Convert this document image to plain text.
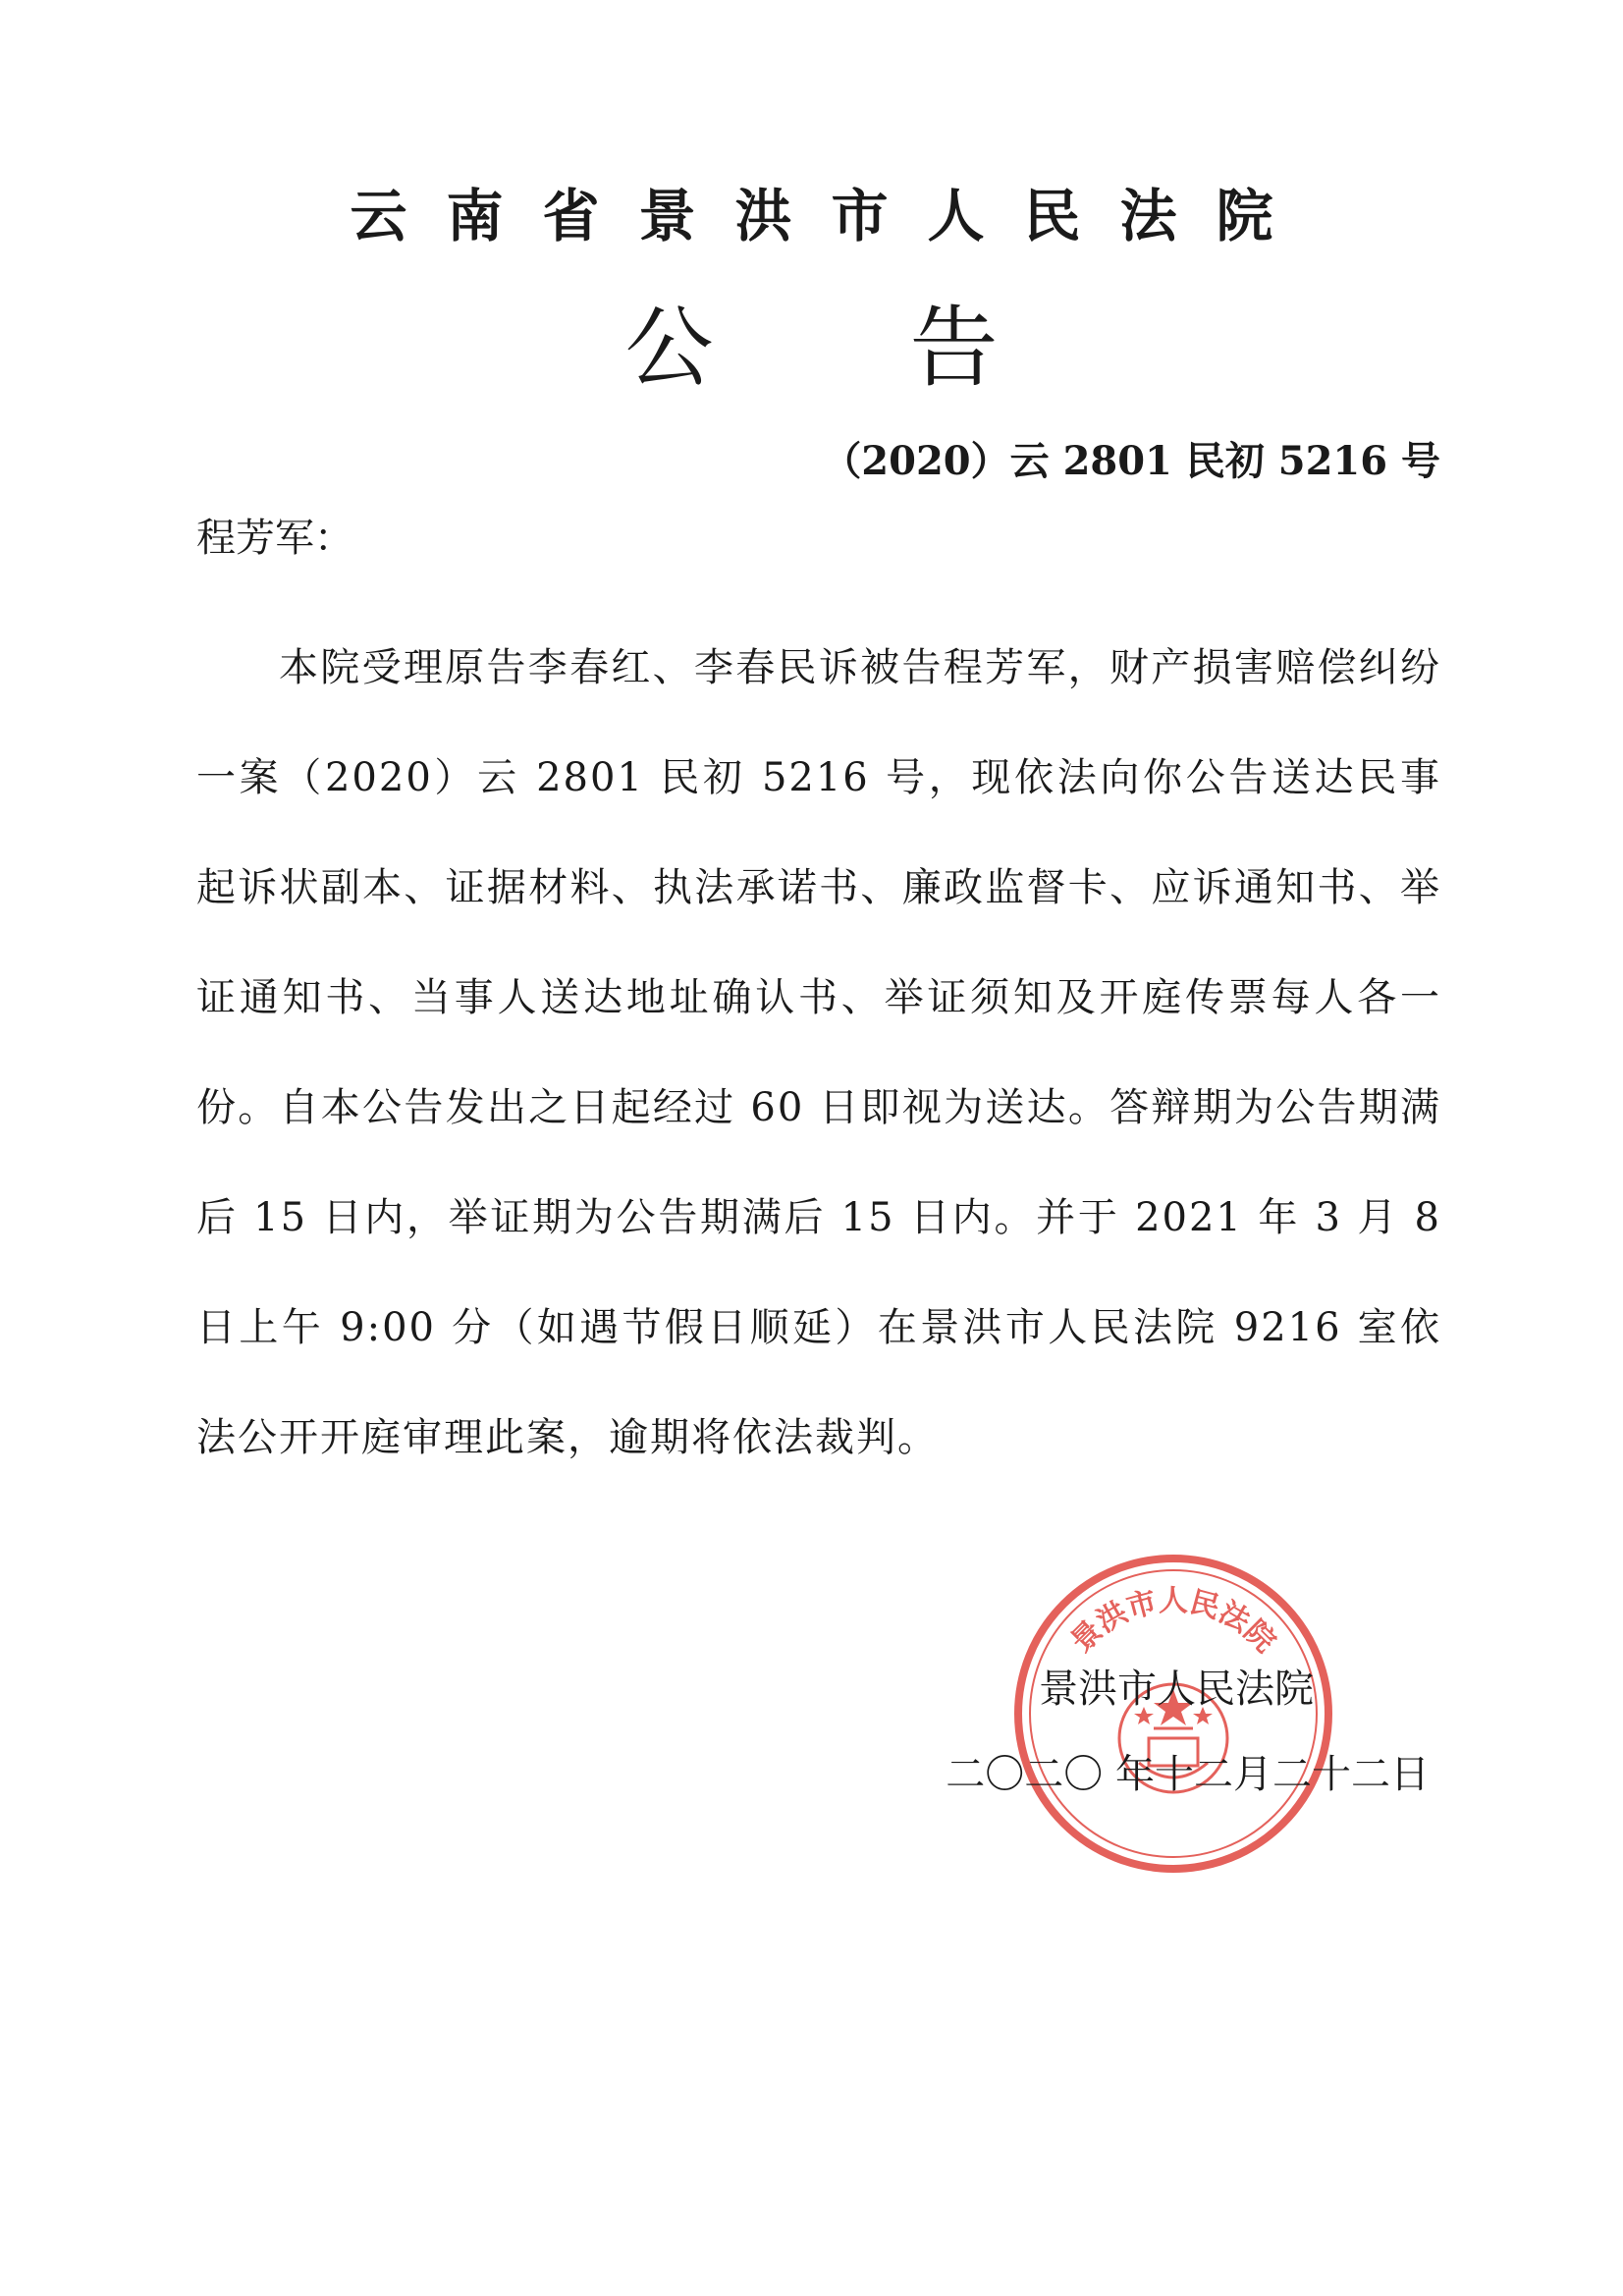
云南省景洪市人民法院
公 告
（2020）云 2801 民初 5216 号
程芳军：
本院受理原告李春红、李春民诉被告程芳军，财产损害赔偿纠纷一案（2020）云 2801 民初 5216 号，现依法向你公告送达民事起诉状副本、证据材料、执法承诺书、廉政监督卡、应诉通知书、举证通知书、当事人送达地址确认书、举证须知及开庭传票每人各一份。自本公告发出之日起经过 60 日即视为送达。答辩期为公告期满后 15 日内，举证期为公告期满后 15 日内。并于 2021 年 3 月 8 日上午 9:00 分（如遇节假日顺延）在景洪市人民法院 9216 室依法公开开庭审理此案，逾期将依法裁判。
景洪市人民法院
景洪市人民法院
二〇二〇 年十二月二十二日
